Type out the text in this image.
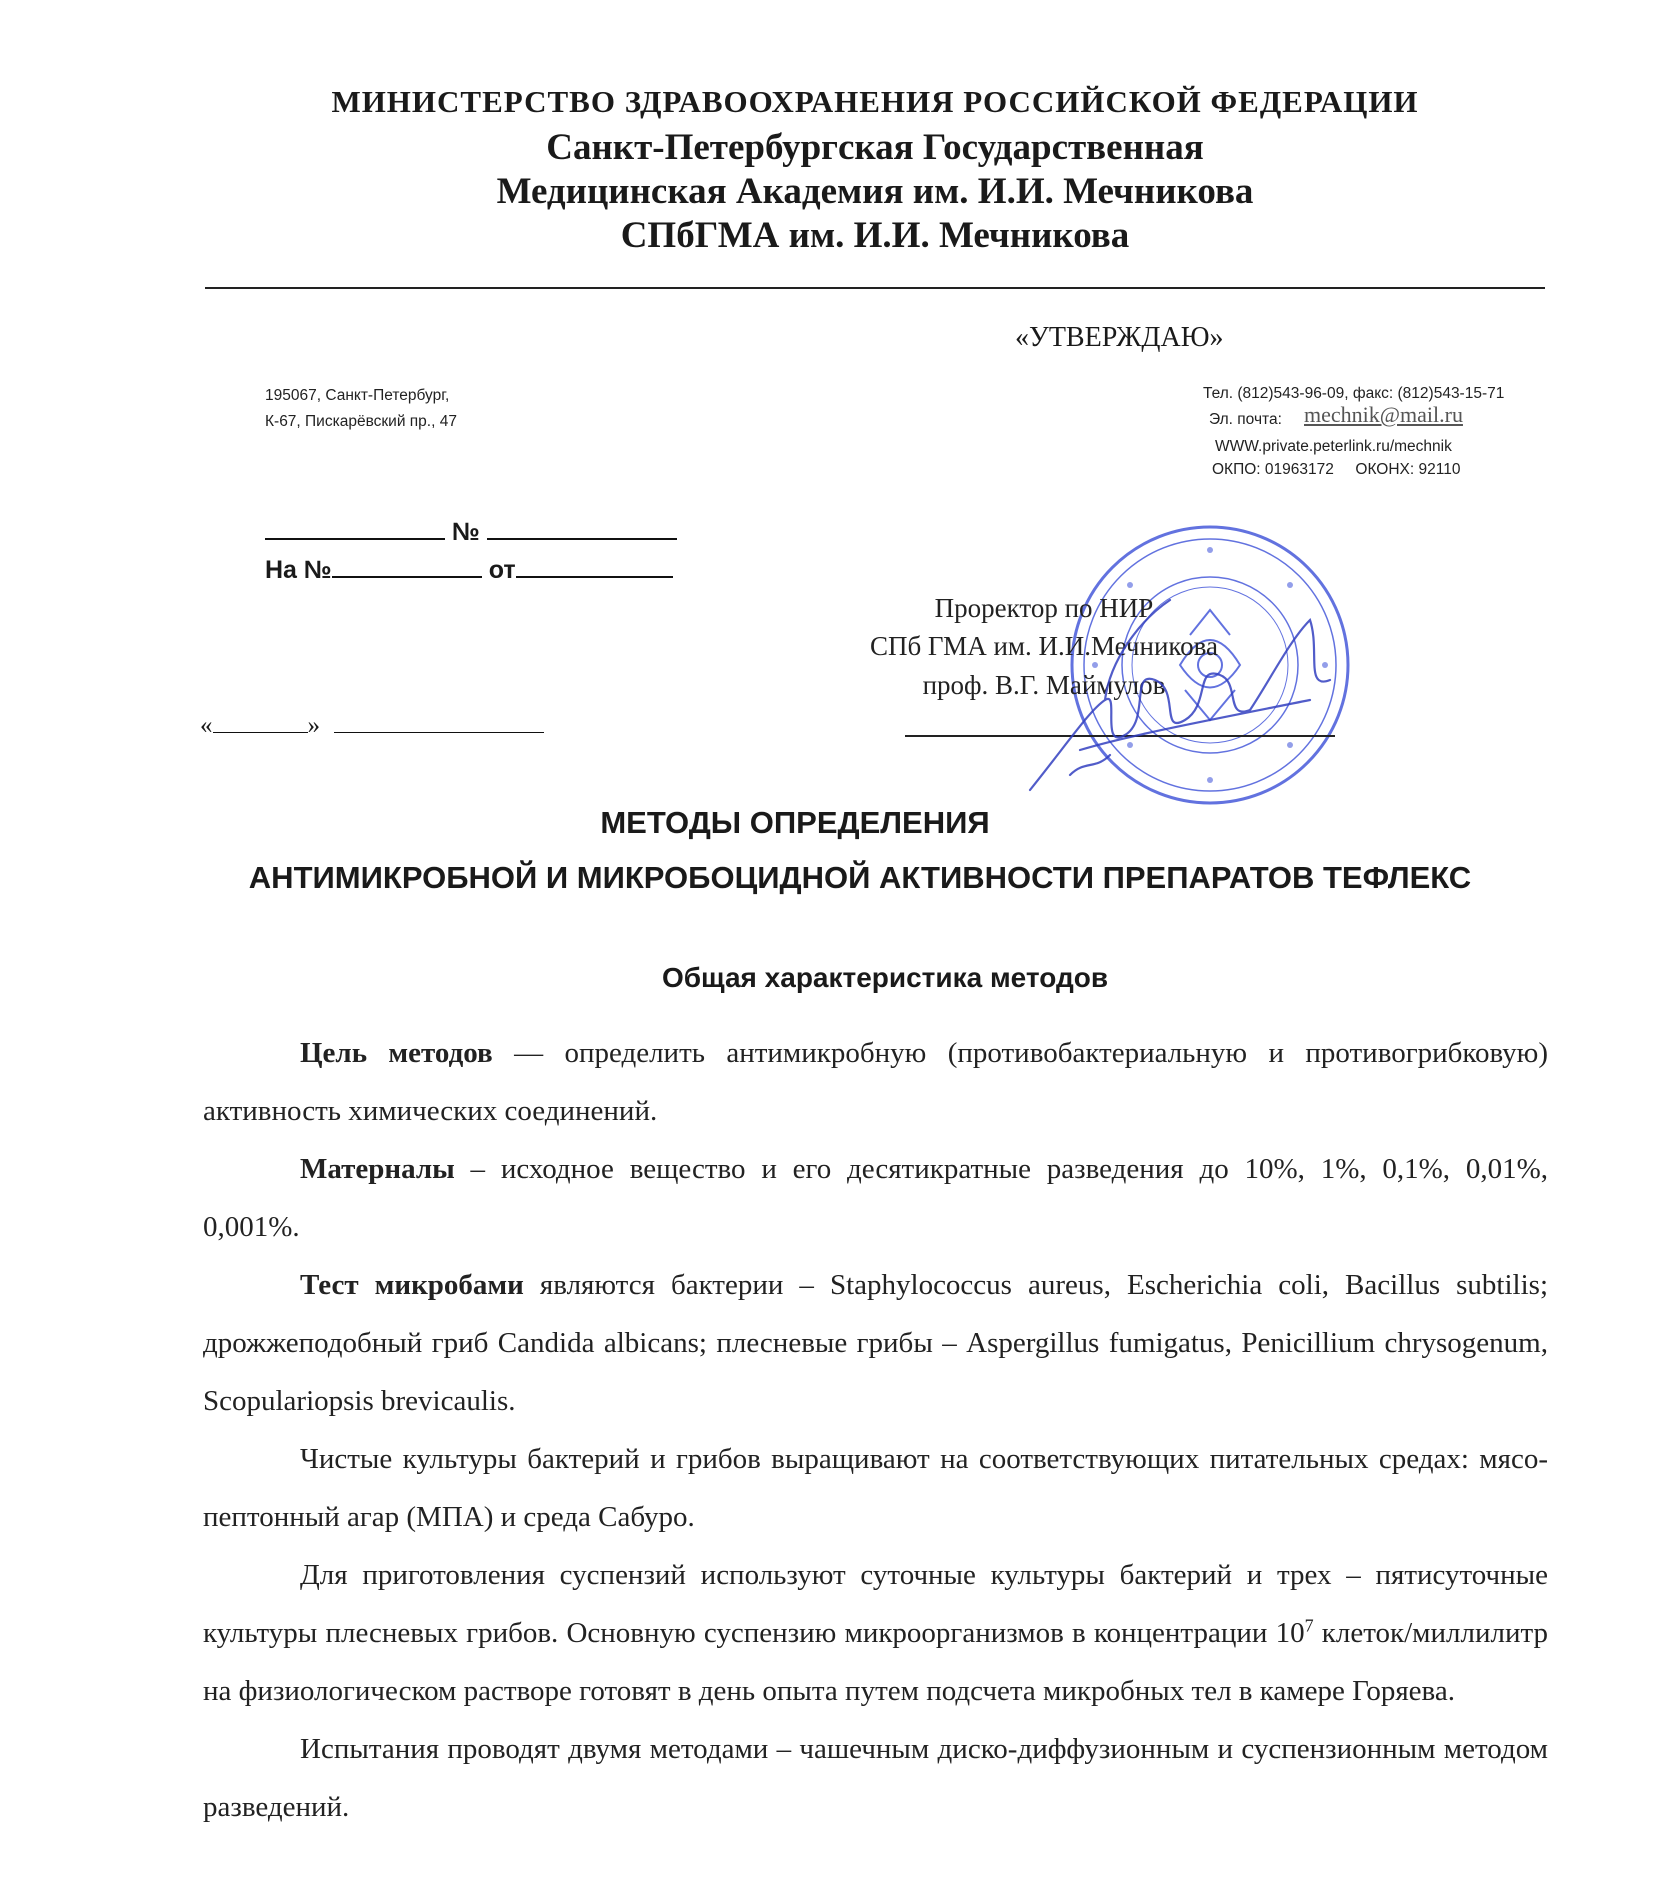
МИНИСТЕРСТВО ЗДРАВООХРАНЕНИЯ РОССИЙСКОЙ ФЕДЕРАЦИИ
Санкт-Петербургская Государственная
Медицинская Академия им. И.И. Мечникова
СПбГМА им. И.И. Мечникова
«УТВЕРЖДАЮ»
195067, Санкт-Петербург,
К-67, Пискарёвский пр., 47
Тел. (812)543-96-09, факс: (812)543-15-71
Эл. почта: mechnik@mail.ru
WWW.private.peterlink.ru/mechnik
ОКПО: 01963172     ОКОНХ: 92110
№
На №	от
«	»
Проректор по НИР
СПб ГМА им. И.И.Мечникова
проф. В.Г. Маймулов
МЕТОДЫ ОПРЕДЕЛЕНИЯ
АНТИМИКРОБНОЙ И МИКРОБОЦИДНОЙ АКТИВНОСТИ ПРЕПАРАТОВ ТЕФЛЕКС
Общая характеристика методов

Цель методов — определить антимикробную (противобактериальную и противогрибковую) активность химических соединений.

Матерналы – исходное вещество и его десятикратные разведения до 10%, 1%, 0,1%, 0,01%, 0,001%.

Тест микробами являются бактерии – Staphylococcus aureus, Escherichia coli, Bacillus subtilis; дрожжеподобный гриб Candida albicans; плесневые грибы – Aspergillus fumigatus, Penicillium chrysogenum, Scopulariopsis brevicaulis.

Чистые культуры бактерий и грибов выращивают на соответствующих питательных средах: мясо-пептонный агар (МПА) и среда Сабуро.

Для приготовления суспензий используют суточные культуры бактерий и трех – пятисуточные культуры плесневых грибов. Основную суспензию микроорганизмов в концентрации $10^7$ клеток/миллилитр на физиологическом растворе готовят в день опыта путем подсчета микробных тел в камере Горяева.

Испытания проводят двумя методами – чашечным диско-диффузионным и суспензионным методом разведений.
